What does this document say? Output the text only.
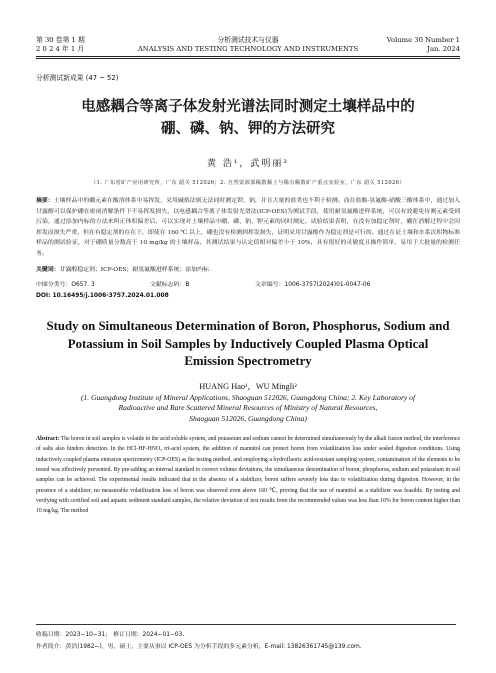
第 30 卷第 1 期	分析测试技术与仪器	Volume 30 Number 1
2 0 2 4 年 1 月	ANALYSIS AND TESTING TECHNOLOGY AND INSTRUMENTS	Jan. 2024
分析测试新成果 (47 ~ 52)
电感耦合等离子体发射光谱法同时测定土壤样品中的
硼、磷、钠、钾的方法研究
黄 浩¹，武明丽²
（1. 广东省矿产应用研究所，广东 韶关 512026；2. 自然资源部稀散稀土与稀有稀散矿产重点实验室，广东 韶关 512026）
摘要：土壤样品中的硼元素在酸溶体系中易挥发，采用碱熔法则无法同时测定钾、钠，并且大量的盐类也不利于检测。而在盐酸-氢氟酸-硝酸三酸体系中，通过加入甘露醇可以保护硼在密闭消解条件下不易挥发损失，以电感耦合等离子体发射光谱法(ICP-OES)为测试手段，使用耐氢氟酸进样系统，可以有效避免待测元素受到污染，通过添加内标的方法来纠正体积偏差后，可以实现对土壤样品中硼、磷、钠、钾元素的同时测定。试验结果表明，在没有加稳定剂时，硼在消解过程中会因挥发而损失严重，但在有稳定剂的存在下，即使在 160 ℃ 以上，硼也没有检测到挥发损失，证明采用甘露醇作为稳定剂是可行的。通过在证土壤和水系沉积物标准样品的测试验证，对于硼质量分数高于 10 mg/kg 的土壤样品，其测试结果与认定值相对偏差小于 10%，具有很好的灵敏度且操作简单，易用于大批量的检测任务。
关键词：甘露醇稳定剂；ICP-OES；耐氢氟酸进样系统；添加内标
中图分类号：O657. 3	文献标志码：B	文章编号：1006-3757(2024)01-0047-06
DOI: 10.16495/j.1006-3757.2024.01.008
Study on Simultaneous Determination of Boron, Phosphorus, Sodium and
Potassium in Soil Samples by Inductively Coupled Plasma Optical
Emission Spectrometry
HUANG Hao¹，WU Mingli²
(1. Guangdong Institute of Mineral Applications, Shaoguan 512026, Guangdong China; 2. Key Laboratory of
Radioactive and Rare Scattered Mineral Resources of Ministry of Natural Resources,
Shaoguan 512026, Guangdong China)
Abstract: The boron in soil samples is volatile in the acid soluble system, and potassium and sodium cannot be determined simultaneously by the alkali fusion method, the interference of salts also hinders detection. In the HCl-HF-HNO₃ tri-acid system, the addition of mannitol can protect boron from volatilization loss under sealed digestion conditions. Using inductively coupled plasma emission spectrometry (ICP-OES) as the testing method, and employing a hydrofluoric acid-resistant sampling system, contamination of the elements to be tested was effectively prevented. By pre-adding an internal standard to correct volume deviations, the simultaneous determination of boron, phosphorus, sodium and potassium in soil samples can be achieved. The experimental results indicated that in the absence of a stabilizer, boron suffers severely loss due to volatilization during digestion. However, in the presence of a stabilizer, no measurable volatilization loss of boron was observed even above 160 ℃, proving that the use of mannitol as a stabilizer was feasible. By testing and verifying with certified soil and aquatic sediment standard samples, the relative deviation of test results from the recommended values was less than 10% for boron content higher than 10 mg/kg. The method
收稿日期：2023−10−31； 修订日期：2024−01−03.
作者简介：黄浩(1982−)，男，硕士，主要从事以 ICP-OES 为分析手段的多元素分析，E-mail: 13826361745@139.com.
